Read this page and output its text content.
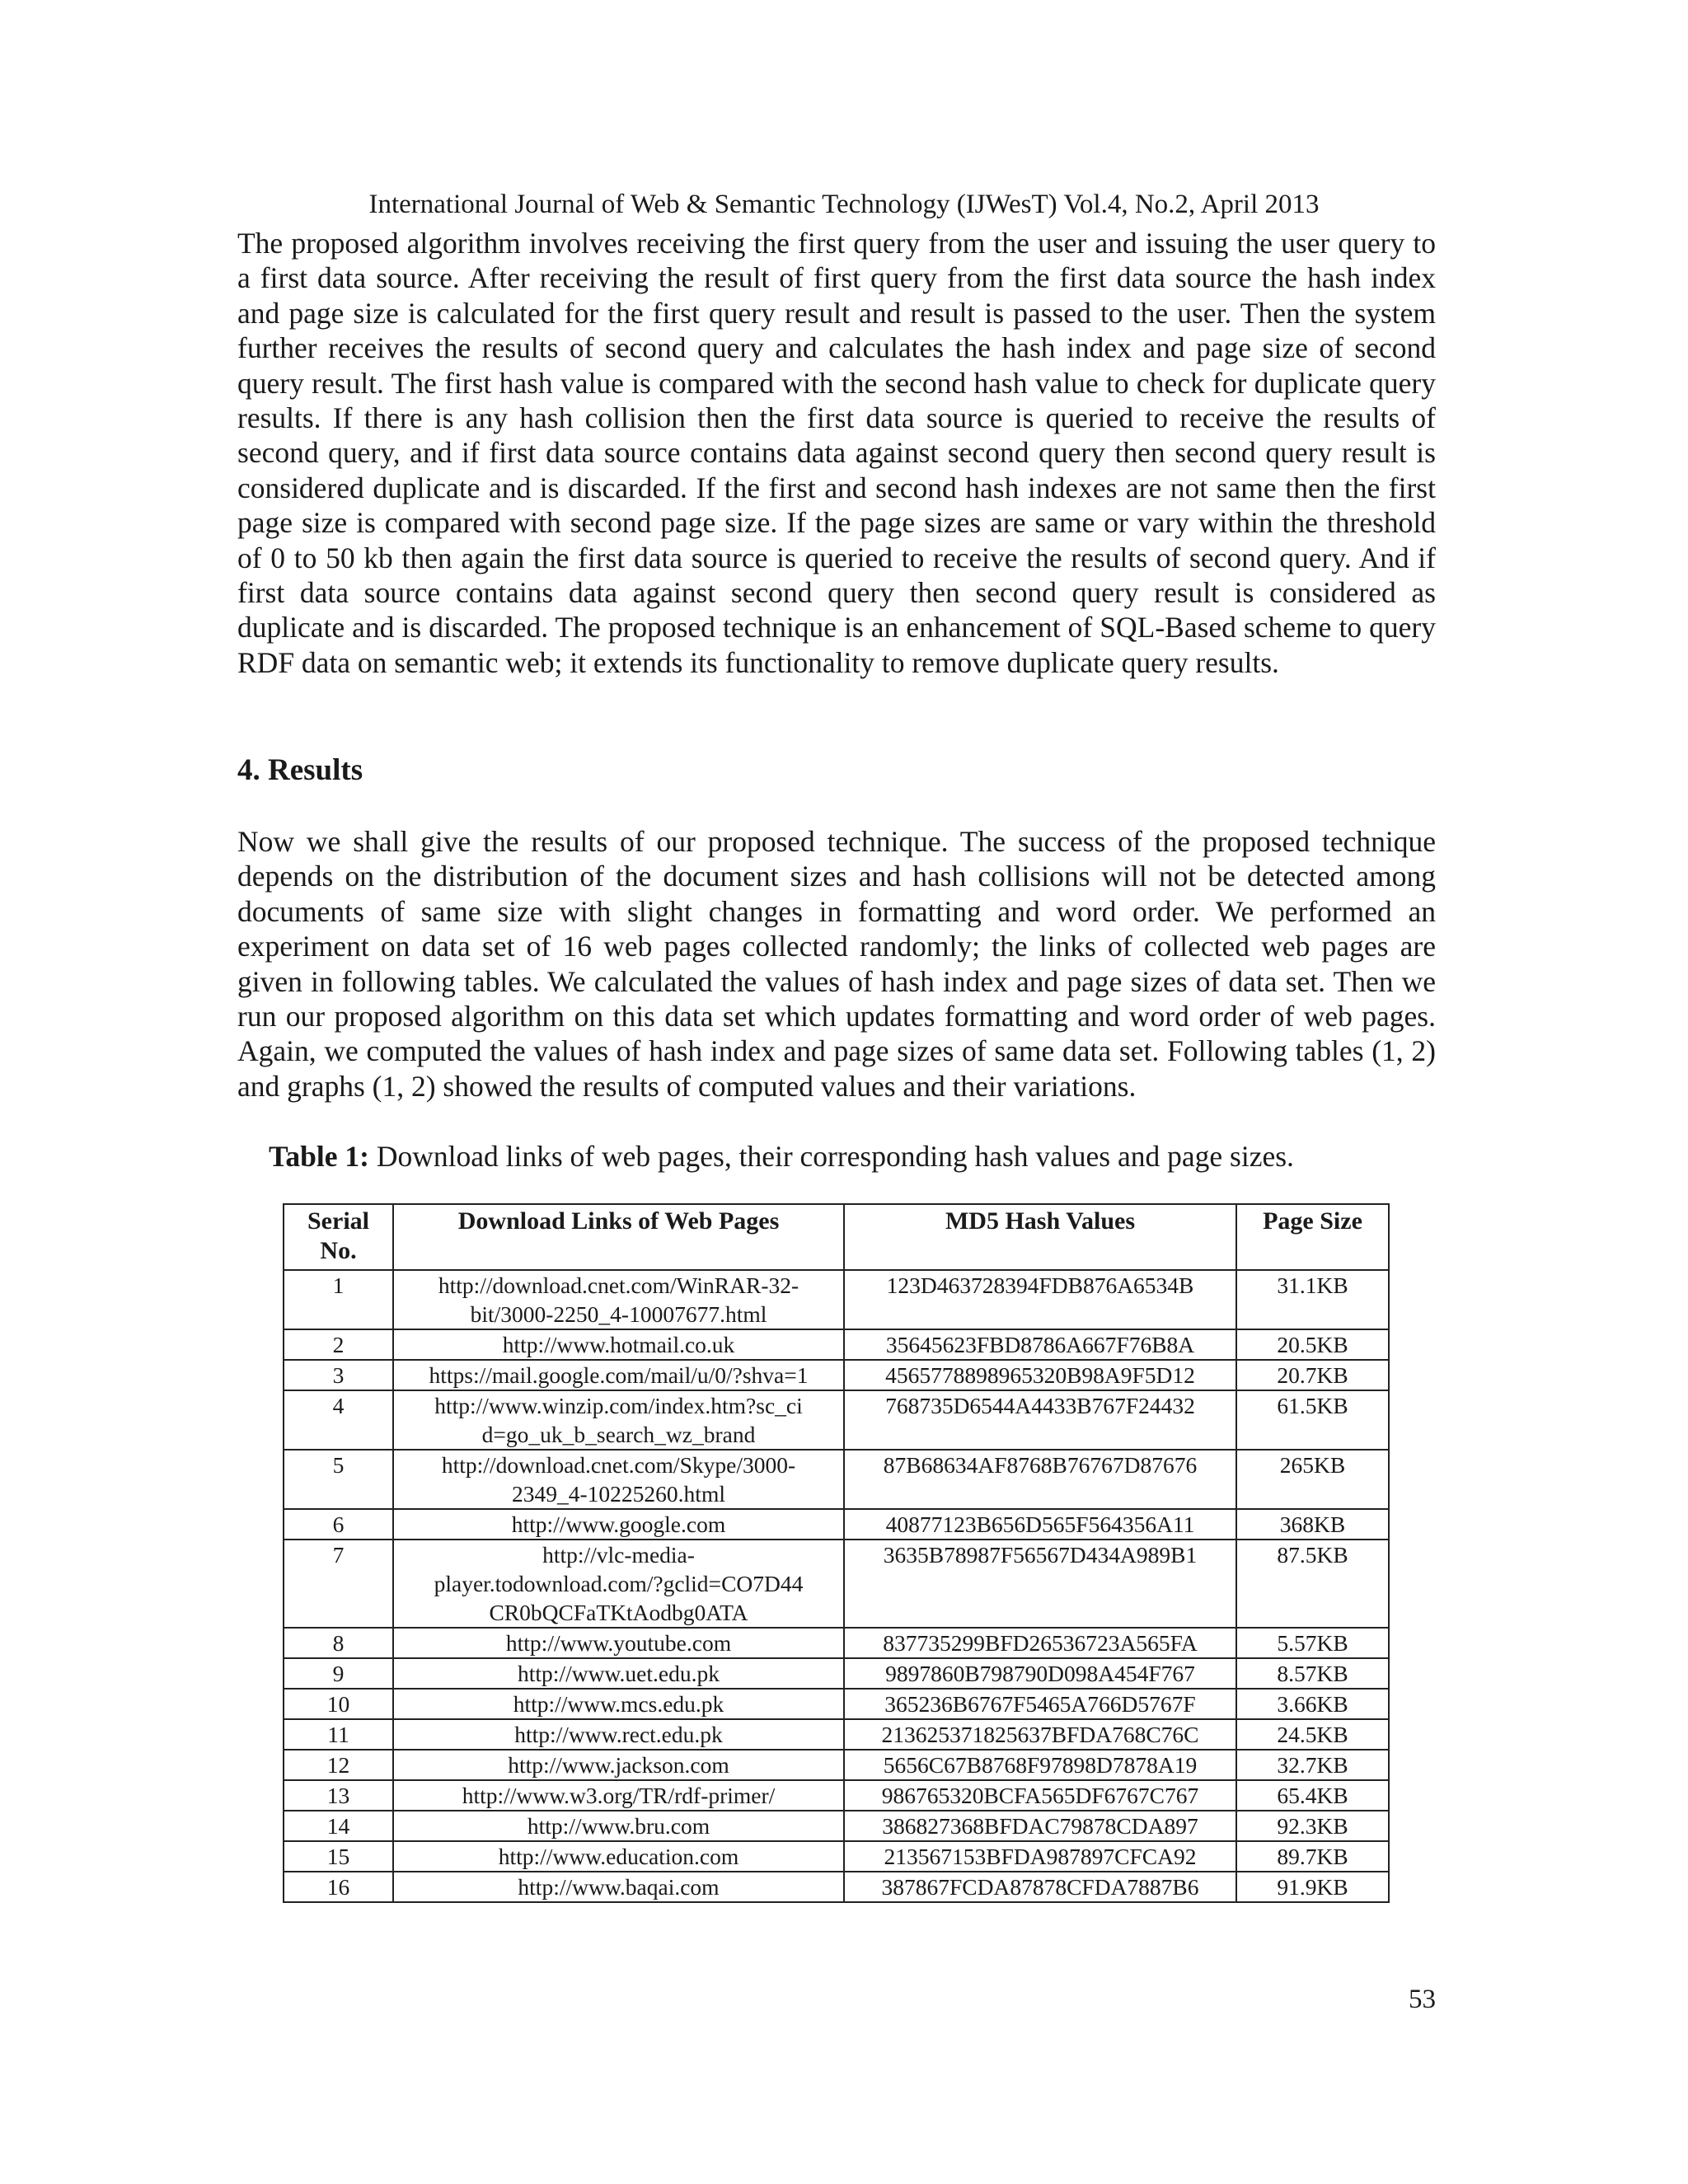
International Journal of Web & Semantic Technology (IJWesT) Vol.4, No.2, April 2013

The proposed algorithm involves receiving the first query from the user and issuing the user query to a first data source. After receiving the result of first query from the first data source the hash index and page size is calculated for the first query result and result is passed to the user. Then the system further receives the results of second query and calculates the hash index and page size of second query result. The first hash value is compared with the second hash value to check for duplicate query results. If there is any hash collision then the first data source is queried to receive the results of second query, and if first data source contains data against second query then second query result is considered duplicate and is discarded. If the first and second hash indexes are not same then the first page size is compared with second page size. If the page sizes are same or vary within the threshold of 0 to 50 kb then again the first data source is queried to receive the results of second query. And if first data source contains data against second query then second query result is considered as duplicate and is discarded. The proposed technique is an enhancement of SQL-Based scheme to query RDF data on semantic web; it extends its functionality to remove duplicate query results.

4. Results

Now we shall give the results of our proposed technique. The success of the proposed technique depends on the distribution of the document sizes and hash collisions will not be detected among documents of same size with slight changes in formatting and word order. We performed an experiment on data set of 16 web pages collected randomly; the links of collected web pages are given in following tables. We calculated the values of hash index and page sizes of data set. Then we run our proposed algorithm on this data set which updates formatting and word order of web pages. Again, we computed the values of hash index and page sizes of same data set. Following tables (1, 2) and graphs (1, 2) showed the results of computed values and their variations.

Table 1: Download links of web pages, their corresponding hash values and page sizes.

Serial
No.	Download Links of Web Pages	MD5 Hash Values	Page Size
1	http://download.cnet.com/WinRAR-32-
bit/3000-2250_4-10007677.html	123D463728394FDB876A6534B	31.1KB
2	http://www.hotmail.co.uk	35645623FBD8786A667F76B8A	20.5KB
3	https://mail.google.com/mail/u/0/?shva=1	4565778898965320B98A9F5D12	20.7KB
4	http://www.winzip.com/index.htm?sc_ci
d=go_uk_b_search_wz_brand	768735D6544A4433B767F24432	61.5KB
5	http://download.cnet.com/Skype/3000-
2349_4-10225260.html	87B68634AF8768B76767D87676	265KB
6	http://www.google.com	40877123B656D565F564356A11	368KB
7	http://vlc-media-
player.todownload.com/?gclid=CO7D44
CR0bQCFaTKtAodbg0ATA	3635B78987F56567D434A989B1	87.5KB
8	http://www.youtube.com	837735299BFD26536723A565FA	5.57KB
9	http://www.uet.edu.pk	9897860B798790D098A454F767	8.57KB
10	http://www.mcs.edu.pk	365236B6767F5465A766D5767F	3.66KB
11	http://www.rect.edu.pk	213625371825637BFDA768C76C	24.5KB
12	http://www.jackson.com	5656C67B8768F97898D7878A19	32.7KB
13	http://www.w3.org/TR/rdf-primer/	986765320BCFA565DF6767C767	65.4KB
14	http://www.bru.com	386827368BFDAC79878CDA897	92.3KB
15	http://www.education.com	213567153BFDA987897CFCA92	89.7KB
16	http://www.baqai.com	387867FCDA87878CFDA7887B6	91.9KB
53
